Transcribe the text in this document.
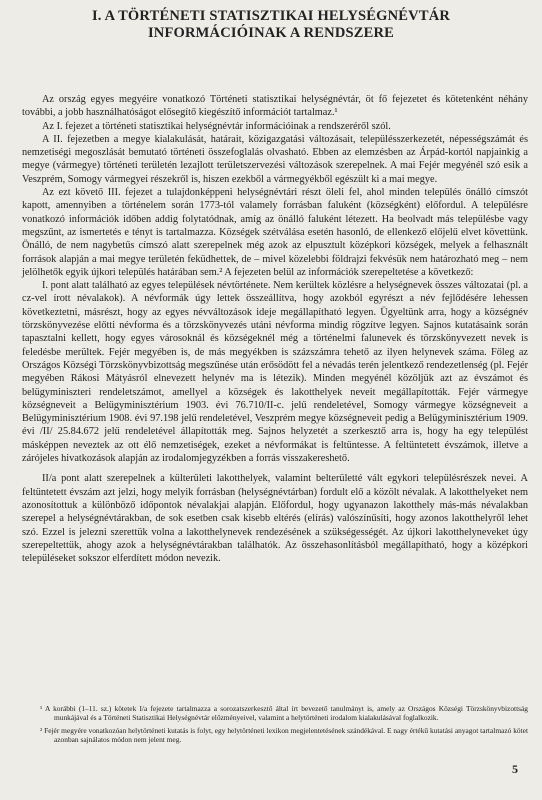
I. A TÖRTÉNETI STATISZTIKAI HELYSÉGNÉVTÁR
INFORMÁCIÓINAK A RENDSZERE

Az ország egyes megyéire vonatkozó Történeti statisztikai helységnévtár, öt fő fejezetet és kötetenként néhány további, a jobb használhatóságot elősegítő kiegészítő információt tartalmaz.¹

Az I. fejezet a történeti statisztikai helységnévtár információinak a rendszeréről szól.

A II. fejezetben a megye kialakulását, határait, közigazgatási változásait, településszerkezetét, népességszámát és nemzetiségi megoszlását bemutató történeti összefoglalás olvasható. Ebben az elemzésben az Árpád-kortól napjainkig a megye (vármegye) történeti területén lezajlott területszervezési változások szerepelnek. A mai Fejér megyénél szó esik a Veszprém, Somogy vármegyei részekről is, hiszen ezekből a vármegyékből egészült ki a mai megye.

Az ezt követő III. fejezet a tulajdonképpeni helységnévtári részt öleli fel, ahol minden település önálló címszót kapott, amennyiben a történelem során 1773-tól valamely forrásban faluként (községként) előfordul. A településre vonatkozó információk időben addig folytatódnak, amíg az önálló faluként létezett. Ha beolvadt más településbe vagy megszűnt, az ismertetés e tényt is tartalmazza. Községek szétválása esetén hasonló, de ellenkező előjelű elvet követtünk. Önálló, de nem nagybetűs címszó alatt szerepelnek még azok az elpusztult középkori községek, melyek a felhasznált források alapján a mai megye területén feküdhettek, de – mivel közelebbi földrajzi fekvésük nem határozható meg – nem jelölhetők egyik újkori település határában sem.² A fejezeten belül az információk szerepeltetése a következő:

I. pont alatt található az egyes települések névtörténete. Nem kerültek közlésre a helységnevek összes változatai (pl. a cz-vel írott névalakok). A névformák úgy lettek összeállítva, hogy azokból egyrészt a név fejlődésére lehessen következtetni, másrészt, hogy az egyes névváltozások ideje megállapítható legyen. Ügyeltünk arra, hogy a községnév törzskönyvezése előtti névforma és a törzskönyvezés utáni névforma mindig rögzítve legyen. Sajnos kutatásaink során tapasztalni kellett, hogy egyes városoknál és községeknél még a történelmi falunevek és törzskönyvezett nevek is feledésbe merültek. Fejér megyében is, de más megyékben is százszámra tehető az ilyen helynevek száma. Főleg az Országos Községi Törzskönyvbizottság megszűnése után erősödött fel a névadás terén jelentkező rendezetlenség (pl. Fejér megyében Rákosi Mátyásról elnevezett helynév ma is létezik). Minden megyénél közöljük azt az évszámot és belügyminiszteri rendeletszámot, amellyel a községek és lakotthelyek neveit megállapították. Fejér vármegye községneveit a Belügyminisztérium 1903. évi 76.710/II-c. jelű rendeletével, Somogy vármegye községneveit a Belügyminisztérium 1908. évi 97.198 jelű rendeletével, Veszprém megye községneveit pedig a Belügyminisztérium 1909. évi /II/ 25.84.672 jelű rendeletével állapították meg. Sajnos helyzetét a szerkesztő arra is, hogy ha egy települést másképpen neveztek az ott élő nemzetiségek, ezeket a névformákat is feltüntesse. A feltüntetett évszámok, illetve a zárójeles hivatkozások alapján az irodalomjegyzékben a forrás visszakereshető.

II/a pont alatt szerepelnek a külterületi lakotthelyek, valamint belterületté vált egykori településrészek nevei. A feltüntetett évszám azt jelzi, hogy melyik forrásban (helységnévtárban) fordult elő a közölt névalak. A lakotthelyeket nem azonosítottuk a különböző időpontok névalakjai alapján. Előfordul, hogy ugyanazon lakotthely más-más névalakban szerepel a helységnévtárakban, de sok esetben csak kisebb eltérés (elírás) valószínűsíti, hogy azonos lakotthelyről lehet szó. Ezzel is jelezni szerettük volna a lakotthelynevek rendezésének a szükségességét. Az újkori lakotthelyneveket úgy szerepeltettük, ahogy azok a helységnévtárakban találhatók. Az összehasonlításból megállapítható, hogy a középkori településeket sokszor elferdített módon nevezik.

¹ A korábbi (1–11. sz.) kötetek I/a fejezete tartalmazza a sorozatszerkesztő által írt bevezető tanulmányt is, amely az Országos Községi Törzskönyvbizottság munkájával és a Történeti Statisztikai Helységnévtár előzményeivel, valamint a helytörténeti irodalom kialakulásával foglalkozik.

² Fejér megyére vonatkozóan helytörténeti kutatás is folyt, egy helytörténeti lexikon megjelentetésének szándékával. E nagy értékű kutatási anyagot tartalmazó kötet azonban sajnálatos módon nem jelent meg.

5
